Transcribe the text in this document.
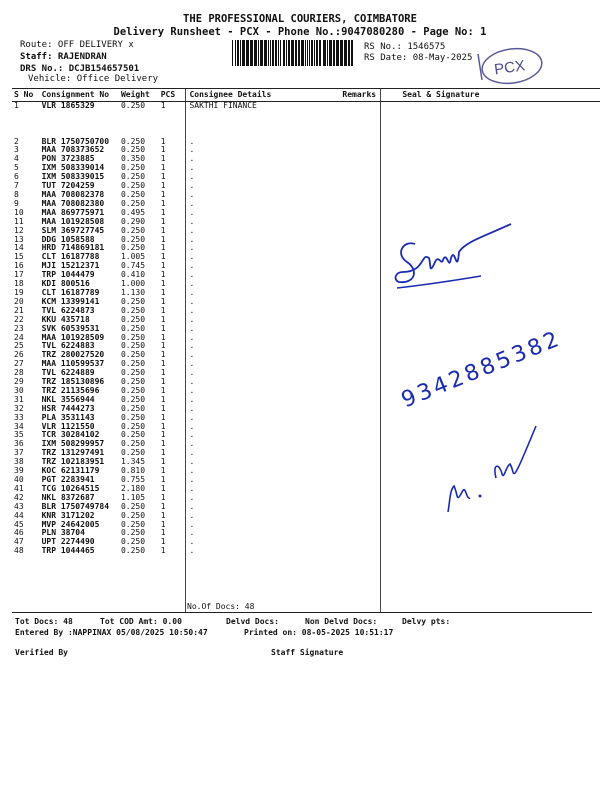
THE PROFESSIONAL COURIERS, COIMBATORE
Delivery Runsheet - PCX - Phone No.:9047080280 - Page No: 1
Route: OFF DELIVERY x
Staff: RAJENDRAN
DRS No.: DCJB154657501
Vehicle: Office Delivery
RS No.: 1546575
RS Date: 08-May-2025 PCX
S No	Consignment No	Weight	PCS	Consignee Details	Remarks	Seal & Signature
1	VLR 1865329	0.250	1	SAKTHI FINANCE		

2	BLR 1750750700	0.250	1	.		
3	MAA 708373652	0.250	1	.		
4	PON 3723885	0.350	1	.		
5	IXM 508339014	0.250	1	.		
6	IXM 508339015	0.250	1	.		
7	TUT 7204259	0.250	1	.		
8	MAA 708082378	0.250	1	.		
9	MAA 708082380	0.250	1	.		
10	MAA 869775971	0.495	1	.		
11	MAA 101928508	0.290	1	.		
12	SLM 369727745	0.250	1	.		
13	DDG 1058588	0.250	1	.		
14	HRD 714869181	0.250	1	.		
15	CLT 16187788	1.005	1	.		
16	MJI 15212371	0.745	1	.		
17	TRP 1044479	0.410	1	.		
18	KDI 800516	1.000	1	.		
19	CLT 16187789	1.130	1	.		
20	KCM 13399141	0.250	1	.		
21	TVL 6224873	0.250	1	.		
22	KKU 435718	0.250	1	.		
23	SVK 60539531	0.250	1	.		
24	MAA 101928509	0.250	1	.		
25	TVL 6224883	0.250	1	.		
26	TRZ 280027520	0.250	1	.		
27	MAA 110599537	0.250	1	.		
28	TVL 6224889	0.250	1	.		
29	TRZ 185130896	0.250	1	.		
30	TRZ 21135696	0.250	1	.		
31	NKL 3556944	0.250	1	.		
32	HSR 7444273	0.250	1	.		
33	PLA 3531143	0.250	1	.		
34	VLR 1121550	0.250	1	.		
35	TCR 30284102	0.250	1	.		
36	IXM 508299957	0.250	1	.		
37	TRZ 131297491	0.250	1	.		
38	TRZ 102183951	1.345	1	.		
39	KOC 62131179	0.810	1	.		
40	PGT 2283941	0.755	1	.		
41	TCG 10264515	2.180	1	.		
42	NKL 8372687	1.105	1	.		
43	BLR 1750749784	0.250	1	.		
44	KNR 3171202	0.250	1	.		
45	MVP 24642005	0.250	1	.		
46	PLN 38704	0.250	1	.		
47	UPT 2274490	0.250	1	.		
48	TRP 1044465	0.250	1	.		
No.Of Docs: 48
Tot Docs: 48	Tot COD Amt: 0.00	Delvd Docs:	Non Delvd Docs:	Delvy pts:
Entered By :NAPPINAX 05/08/2025 10:50:47	Printed on: 08-05-2025 10:51:17
Verified By	Staff Signature
9342885382
